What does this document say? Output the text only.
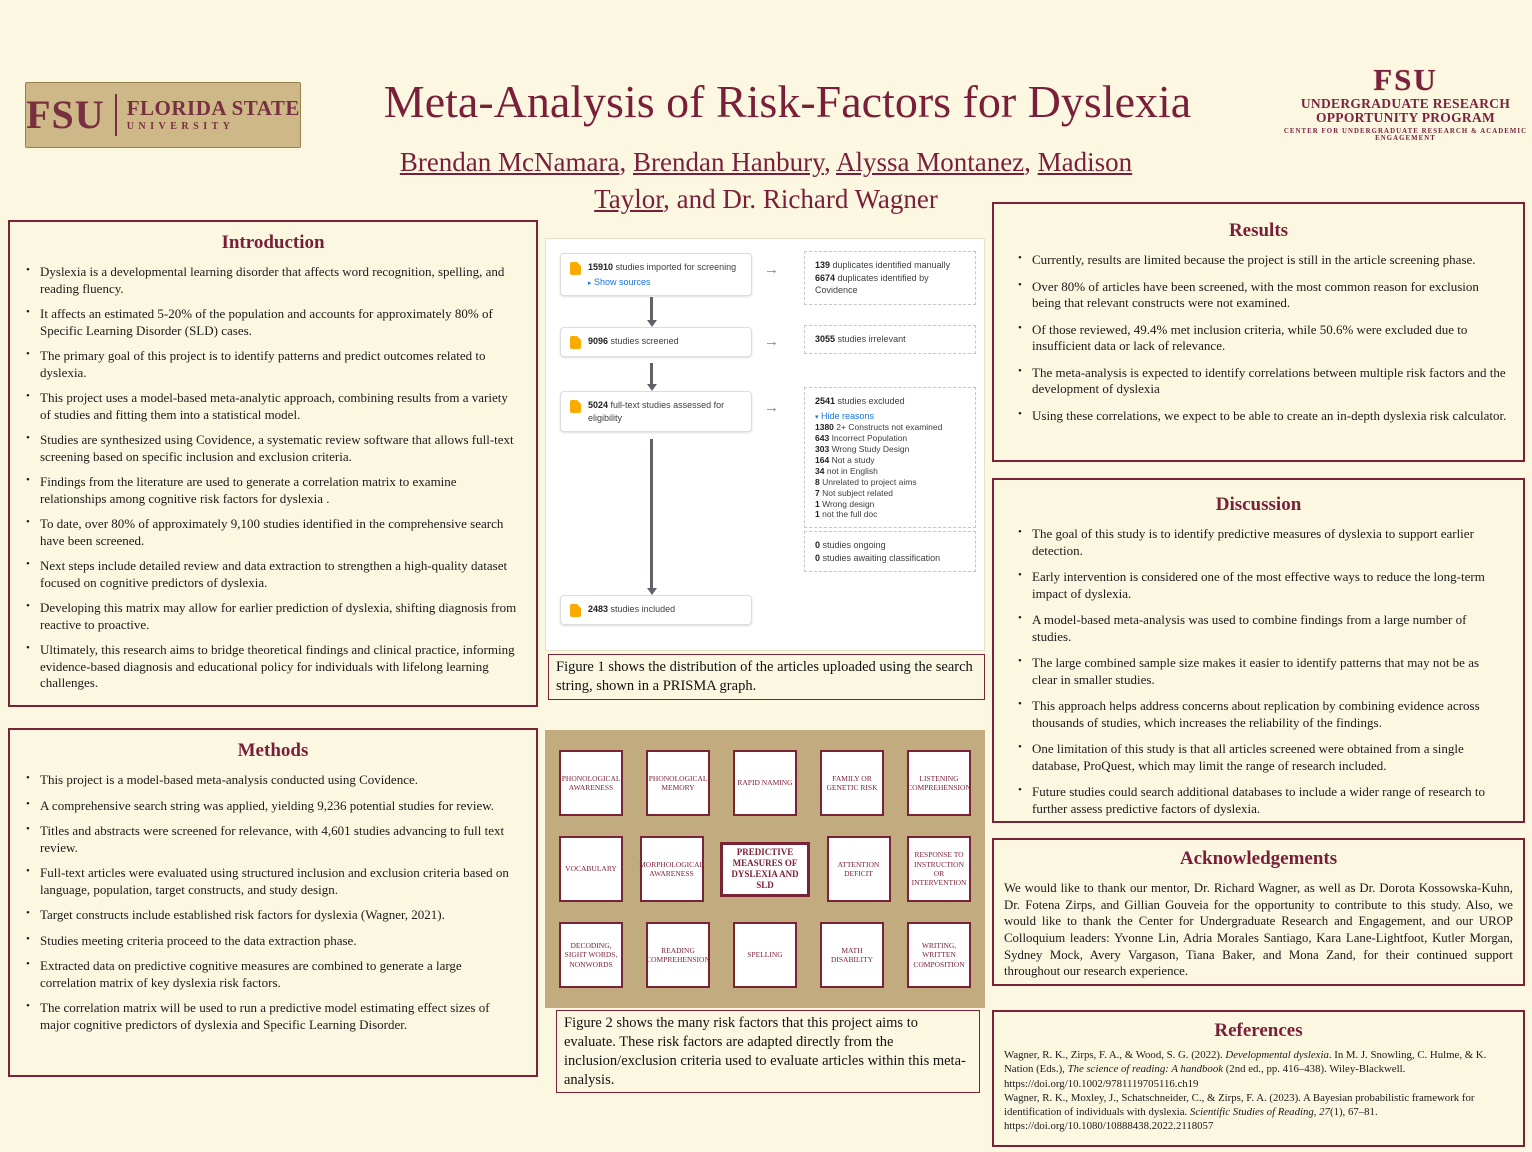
FSU FLORIDA STATE
UNIVERSITY	Meta-Analysis of Risk-Factors for Dyslexia	FSU
UNDERGRADUATE RESEARCH
OPPORTUNITY PROGRAM
CENTER FOR UNDERGRADUATE RESEARCH & ACADEMIC ENGAGEMENT
Brendan McNamara, Brendan Hanbury, Alyssa Montanez, Madison
Taylor, and Dr. Richard Wagner
Introduction
• Dyslexia is a developmental learning disorder that affects word recognition, spelling, and reading fluency.
• It affects an estimated 5-20% of the population and accounts for approximately 80% of Specific Learning Disorder (SLD) cases.
• The primary goal of this project is to identify patterns and predict outcomes related to dyslexia.
• This project uses a model-based meta-analytic approach, combining results from a variety of studies and fitting them into a statistical model.
• Studies are synthesized using Covidence, a systematic review software that allows full-text screening based on specific inclusion and exclusion criteria.
• Findings from the literature are used to generate a correlation matrix to examine relationships among cognitive risk factors for dyslexia .
• To date, over 80% of approximately 9,100 studies identified in the comprehensive search have been screened.
• Next steps include detailed review and data extraction to strengthen a high-quality dataset focused on cognitive predictors of dyslexia.
• Developing this matrix may allow for earlier prediction of dyslexia, shifting diagnosis from reactive to proactive.
• Ultimately, this research aims to bridge theoretical findings and clinical practice, informing evidence-based diagnosis and educational policy for individuals with lifelong learning challenges.
Methods
• This project is a model-based meta-analysis conducted using Covidence.
• A comprehensive search string was applied, yielding 9,236 potential studies for review.
• Titles and abstracts were screened for relevance, with 4,601 studies advancing to full text review.
• Full-text articles were evaluated using structured inclusion and exclusion criteria based on language, population, target constructs, and study design.
• Target constructs include established risk factors for dyslexia (Wagner, 2021).
• Studies meeting criteria proceed to the data extraction phase.
• Extracted data on predictive cognitive measures are combined to generate a large correlation matrix of key dyslexia risk factors.
• The correlation matrix will be used to run a predictive model estimating effect sizes of major cognitive predictors of dyslexia and Specific Learning Disorder.
15910 studies imported for screening
▸ Show sources
→	139 duplicates identified manually
6674 duplicates identified by Covidence
9096 studies screened	→	3055 studies irrelevant
5024 full-text studies assessed for eligibility
→	2541 studies excluded
▾ Hide reasons
1380 2+ Constructs not examined
643 Incorrect Population
303 Wrong Study Design
164 Not a study
34 not in English
8 Unrelated to project aims
7 Not subject related
1 Wrong design
1 not the full doc
0 studies ongoing
0 studies awaiting classification
2483 studies included
Figure 1 shows the distribution of the articles uploaded using the search string, shown in a PRISMA graph.
PHONOLOGICAL AWARENESS
PHONOLOGICAL MEMORY
RAPID NAMING
FAMILY OR GENETIC RISK
LISTENING COMPREHENSION
VOCABULARY
MORPHOLOGICAL AWARENESS
PREDICTIVE MEASURES OF DYSLEXIA AND SLD
ATTENTION DEFICIT
RESPONSE TO INSTRUCTION OR INTERVENTION
DECODING, SIGHT WORDS, NONWORDS
READING COMPREHENSION
SPELLING
MATH DISABILITY
WRITING, WRITTEN COMPOSITION
Figure 2 shows the many risk factors that this project aims to evaluate. These risk factors are adapted directly from the inclusion/exclusion criteria used to evaluate articles within this meta-analysis.
Results
• Currently, results are limited because the project is still in the article screening phase.
• Over 80% of articles have been screened, with the most common reason for exclusion being that relevant constructs were not examined.
• Of those reviewed, 49.4% met inclusion criteria, while 50.6% were excluded due to insufficient data or lack of relevance.
• The meta-analysis is expected to identify correlations between multiple risk factors and the development of dyslexia
• Using these correlations, we expect to be able to create an in-depth dyslexia risk calculator.
Discussion
• The goal of this study is to identify predictive measures of dyslexia to support earlier detection.
• Early intervention is considered one of the most effective ways to reduce the long-term impact of dyslexia.
• A model-based meta-analysis was used to combine findings from a large number of studies.
• The large combined sample size makes it easier to identify patterns that may not be as clear in smaller studies.
• This approach helps address concerns about replication by combining evidence across thousands of studies, which increases the reliability of the findings.
• One limitation of this study is that all articles screened were obtained from a single database, ProQuest, which may limit the range of research included.
• Future studies could search additional databases to include a wider range of research to further assess predictive factors of dyslexia.
Acknowledgements
We would like to thank our mentor, Dr. Richard Wagner, as well as Dr. Dorota Kossowska-Kuhn, Dr. Fotena Zirps, and Gillian Gouveia for the opportunity to contribute to this study. Also, we would like to thank the Center for Undergraduate Research and Engagement, and our UROP Colloquium leaders: Yvonne Lin, Adria Morales Santiago, Kara Lane-Lightfoot, Kutler Morgan, Sydney Mock, Avery Vargason, Tiana Baker, and Mona Zand, for their continued support throughout our research experience.
References

Wagner, R. K., Zirps, F. A., & Wood, S. G. (2022). Developmental dyslexia. In M. J. Snowling, C. Hulme, & K. Nation (Eds.), The science of reading: A handbook (2nd ed., pp. 416–438). Wiley-Blackwell.
https://doi.org/10.1002/9781119705116.ch19

Wagner, R. K., Moxley, J., Schatschneider, C., & Zirps, F. A. (2023). A Bayesian probabilistic framework for identification of individuals with dyslexia. Scientific Studies of Reading, 27(1), 67–81. https://doi.org/10.1080/10888438.2022.2118057
